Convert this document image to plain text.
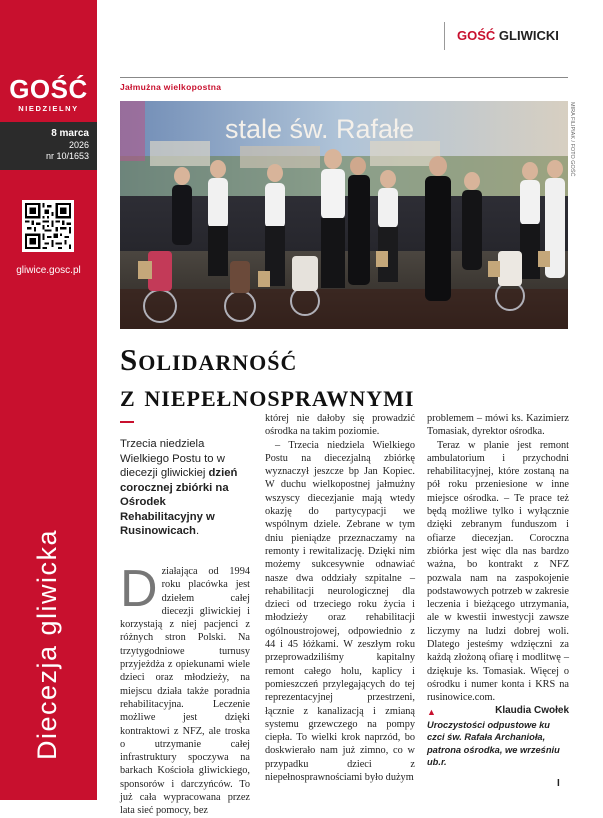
GOŚĆ
NIEDZIELNY
8 marca
2026
nr 10/1653
gliwice.gosc.pl
Diecezja gliwicka
GOŚĆ GLIWICKI
Jałmużna wielkopostna
stale św. Rafałe	MIRA FILIPIAK / FOTO GOŚĆ
Solidarność
z niepełnosprawnymi

Trzecia niedziela Wielkiego Postu to w diecezji gliwickiej dzień corocznej zbiórki na Ośrodek Rehabilitacyjny w Rusinowicach.

D ziałająca od 1994 roku placówka jest dziełem całej diecezji gliwickiej i korzystają z niej pacjenci z różnych stron Polski. Na trzytygodniowe turnusy przyjeżdża z opiekunami wiele dzieci oraz młodzieży, na miejscu działa także poradnia rehabilitacyjna. Leczenie możliwe jest dzięki kontraktowi z NFZ, ale troska o utrzymanie całej infrastruktury spoczywa na barkach Kościoła gliwickiego, sponsorów i darczyńców. To już cała wypracowana przez lata sieć pomocy, bez

której nie dałoby się prowadzić ośrodka na takim poziomie.

– Trzecia niedziela Wielkiego Postu na diecezjalną zbiórkę wyznaczył jeszcze bp Jan Kopiec. W duchu wielkopostnej jałmużny wszyscy diecezjanie mają wtedy okazję do partycypacji we wspólnym dziele. Zebrane w tym dniu pieniądze przeznaczamy na remonty i rewitalizację. Dzięki nim możemy sukcesywnie odnawiać nasze dwa oddziały szpitalne – rehabilitacji neurologicznej dla dzieci od trzeciego roku życia i młodzieży oraz rehabilitacji ogólnoustrojowej, odpowiednio z 44 i 45 łóżkami. W zeszłym roku przeprowadziliśmy kapitalny remont całego holu, kaplicy i pomieszczeń przylegających do tej reprezentacyjnej przestrzeni, łącznie z kanalizacją i zmianą systemu grzewczego na pompy ciepła. To wielki krok naprzód, bo doskwierało nam już zimno, co w przypadku dzieci z niepełnosprawnościami było dużym

problemem – mówi ks. Kazimierz Tomasiak, dyrektor ośrodka.

Teraz w planie jest remont ambulatorium i przychodni rehabilitacyjnej, które zostaną na pół roku przeniesione w inne miejsce ośrodka. – Te prace też będą możliwe tylko i wyłącznie dzięki zebranym funduszom i ofiarze diecezjan. Coroczna zbiórka jest więc dla nas bardzo ważna, bo kontrakt z NFZ pozwala nam na zaspokojenie podstawowych potrzeb w zakresie leczenia i bieżącego utrzymania, ale w kwestii inwestycji zawsze liczymy na ludzi dobrej woli. Dlatego jesteśmy wdzięczni za każdą złożoną ofiarę i modlitwę – dziękuje ks. Tomasiak. Więcej o ośrodku i numer konta i KRS na rusinowice.com.

Klaudia Cwołek

▲
Uroczystości odpustowe ku czci św. Rafała Archanioła, patrona ośrodka, we wrześniu ub.r.
I
